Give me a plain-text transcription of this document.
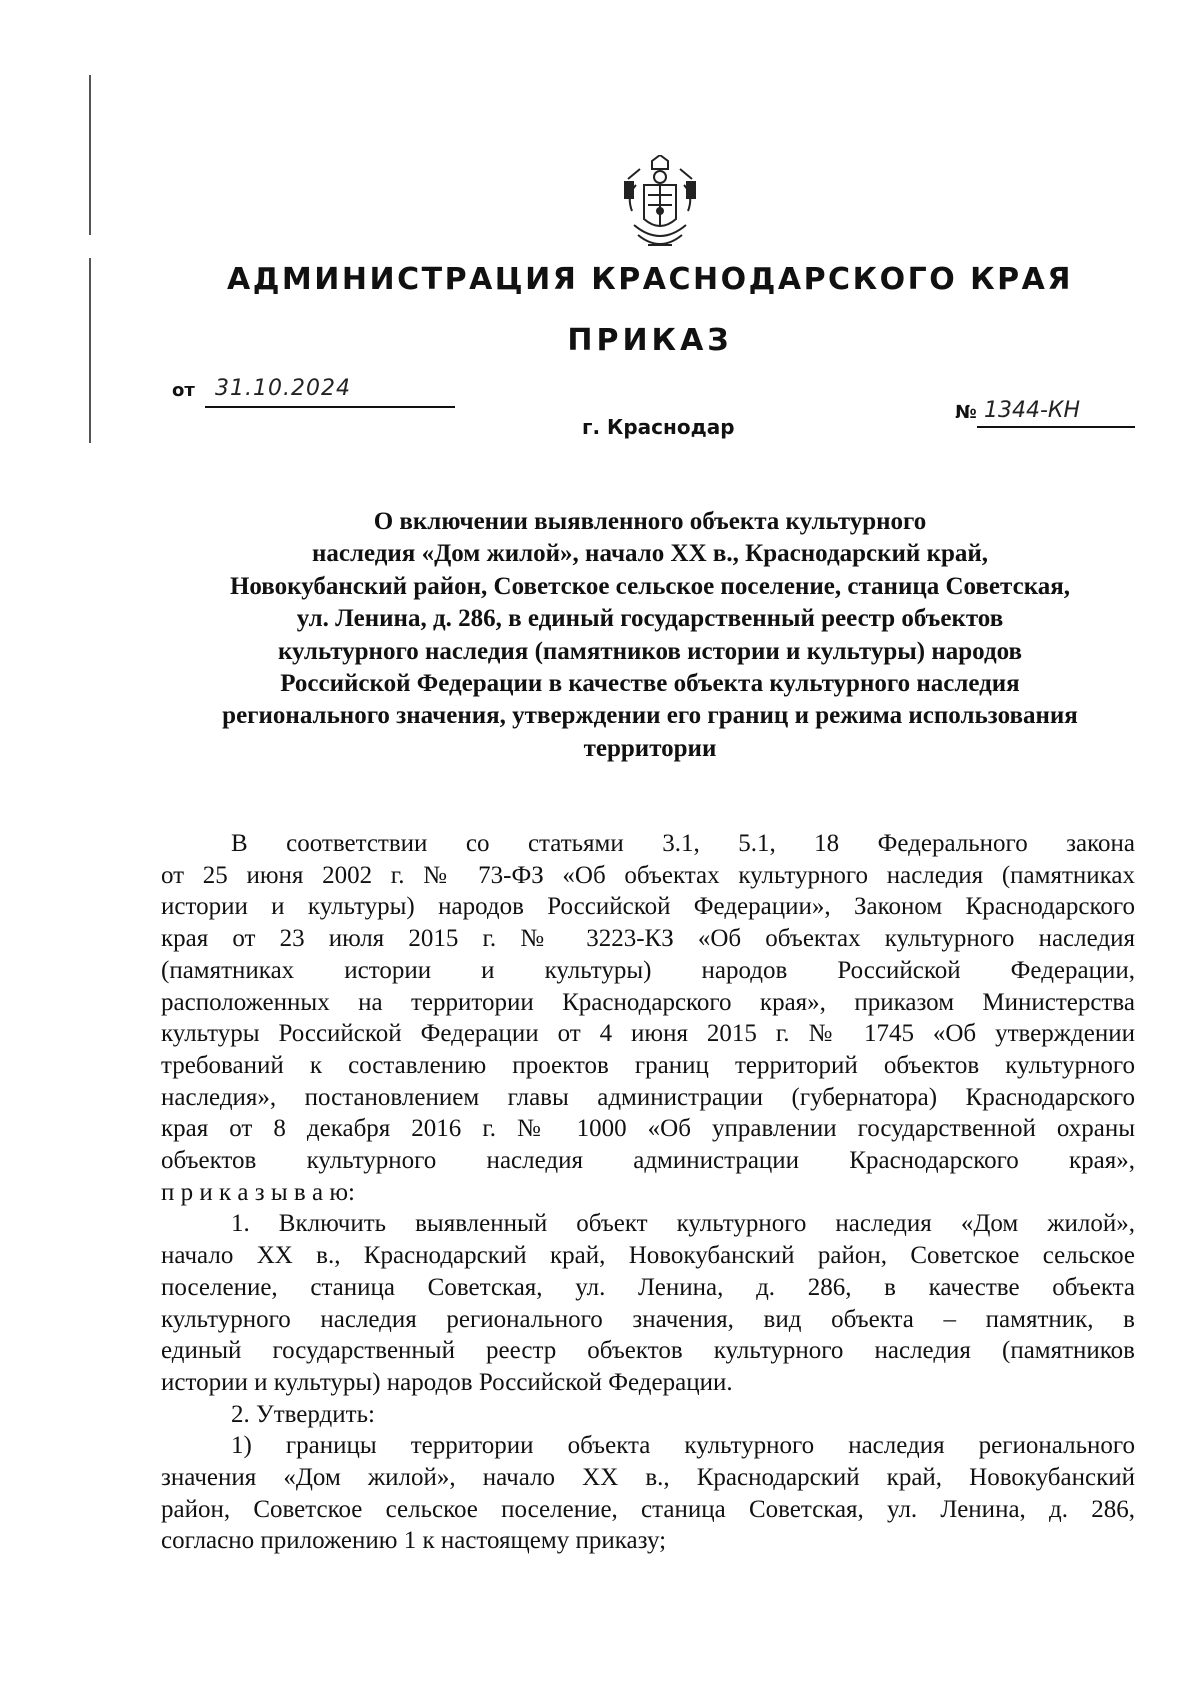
АДМИНИСТРАЦИЯ КРАСНОДАРСКОГО КРАЯ
ПРИКАЗ
от 31.10.2024
г. Краснодар
№ 1344-КН
О включении выявленного объекта культурного
наследия «Дом жилой», начало XX в., Краснодарский край,
Новокубанский район, Советское сельское поселение, станица Советская,
ул. Ленина, д. 286, в единый государственный реестр объектов
культурного наследия (памятников истории и культуры) народов
Российской Федерации в качестве объекта культурного наследия
регионального значения, утверждении его границ и режима использования
территории
В соответствии со статьями 3.1, 5.1, 18 Федерального закона
от 25 июня 2002 г. № 73-ФЗ «Об объектах культурного наследия (памятниках
истории и культуры) народов Российской Федерации», Законом Краснодарского
края от 23 июля 2015 г. № 3223-КЗ «Об объектах культурного наследия
(памятниках истории и культуры) народов Российской Федерации,
расположенных на территории Краснодарского края», приказом Министерства
культуры Российской Федерации от 4 июня 2015 г. № 1745 «Об утверждении
требований к составлению проектов границ территорий объектов культурного
наследия», постановлением главы администрации (губернатора) Краснодарского
края от 8 декабря 2016 г. № 1000 «Об управлении государственной охраны
объектов культурного наследия администрации Краснодарского края»,
п р и к а з ы в а ю:
1. Включить выявленный объект культурного наследия «Дом жилой»,
начало XX в., Краснодарский край, Новокубанский район, Советское сельское
поселение, станица Советская, ул. Ленина, д. 286, в качестве объекта
культурного наследия регионального значения, вид объекта – памятник, в
единый государственный реестр объектов культурного наследия (памятников
истории и культуры) народов Российской Федерации.
2. Утвердить:
1) границы территории объекта культурного наследия регионального
значения «Дом жилой», начало XX в., Краснодарский край, Новокубанский
район, Советское сельское поселение, станица Советская, ул. Ленина, д. 286,
согласно приложению 1 к настоящему приказу;
